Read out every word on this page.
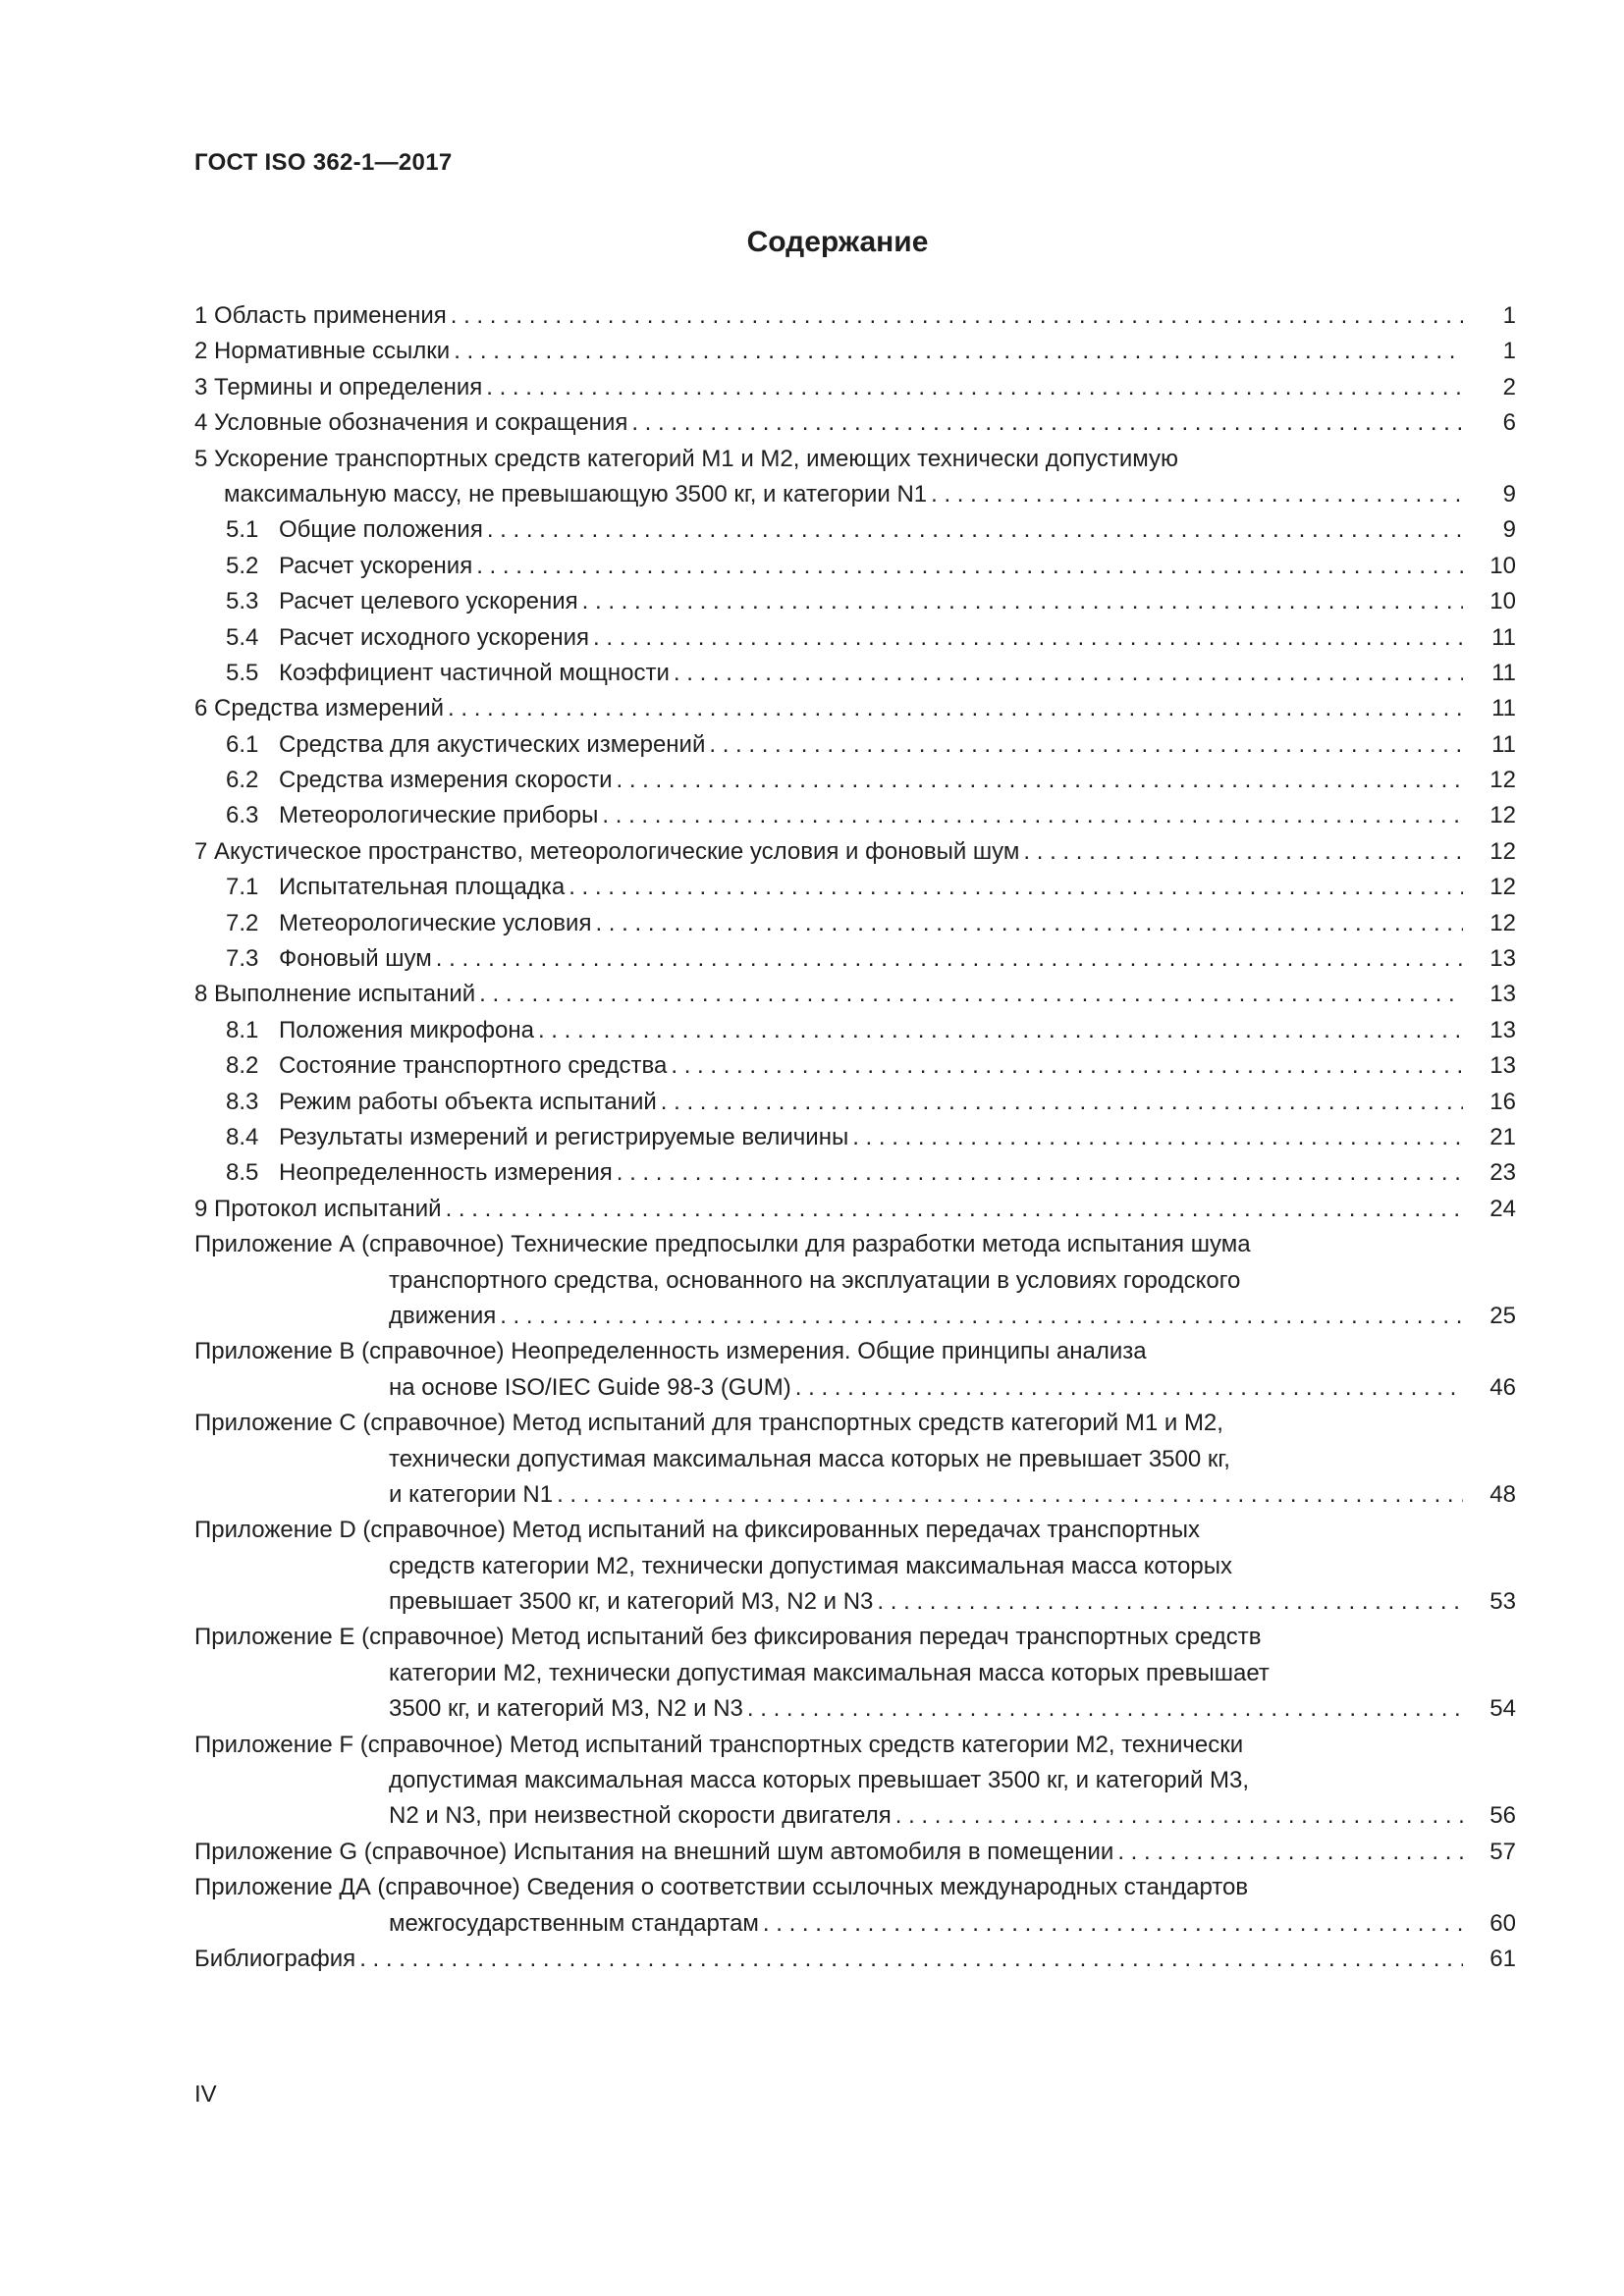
ГОСТ ISO 362-1—2017
Содержание
1 Область применения . . .	1
2 Нормативные ссылки . . .	1
3 Термины и определения . . .	2
4 Условные обозначения и сокращения . . .	6
5 Ускорение транспортных средств категорий М1 и М2, имеющих технически допустимую
максимальную массу, не превышающую 3500 кг, и категории N1 . . .	9
5.1 Общие положения . . .	9
5.2 Расчет ускорения . . .	10
5.3 Расчет целевого ускорения . . .	10
5.4 Расчет исходного ускорения . . .	11
5.5 Коэффициент частичной мощности . . .	11
6 Средства измерений . . .	11
6.1 Средства для акустических измерений . . .	11
6.2 Средства измерения скорости . . .	12
6.3 Метеорологические приборы . . .	12
7 Акустическое пространство, метеорологические условия и фоновый шум . . .	12
7.1 Испытательная площадка . . .	12
7.2 Метеорологические условия . . .	12
7.3 Фоновый шум . . .	13
8 Выполнение испытаний . . .	13
8.1 Положения микрофона . . .	13
8.2 Состояние транспортного средства . . .	13
8.3 Режим работы объекта испытаний . . .	16
8.4 Результаты измерений и регистрируемые величины . . .	21
8.5 Неопределенность измерения . . .	23
9 Протокол испытаний . . .	24
Приложение А (справочное) Технические предпосылки для разработки метода испытания шума
транспортного средства, основанного на эксплуатации в условиях городского
движения . . .	25
Приложение В (справочное) Неопределенность измерения. Общие принципы анализа
на основе ISO/IEC Guide 98-3 (GUM) . . .	46
Приложение С (справочное) Метод испытаний для транспортных средств категорий М1 и М2,
технически допустимая максимальная масса которых не превышает 3500 кг,
и категории N1 . . .	48
Приложение D (справочное) Метод испытаний на фиксированных передачах транспортных
средств категории М2, технически допустимая максимальная масса которых
превышает 3500 кг, и категорий М3, N2 и N3 . . .	53
Приложение Е (справочное) Метод испытаний без фиксирования передач транспортных средств
категории М2, технически допустимая максимальная масса которых превышает
3500 кг, и категорий М3, N2 и N3 . . .	54
Приложение F (справочное) Метод испытаний транспортных средств категории М2, технически
допустимая максимальная масса которых превышает 3500 кг, и категорий М3,
N2 и N3, при неизвестной скорости двигателя . . .	56
Приложение G (справочное) Испытания на внешний шум автомобиля в помещении . . .	57
Приложение ДА (справочное) Сведения о соответствии ссылочных международных стандартов
межгосударственным стандартам . . .	60
Библиография . . .	61
IV
